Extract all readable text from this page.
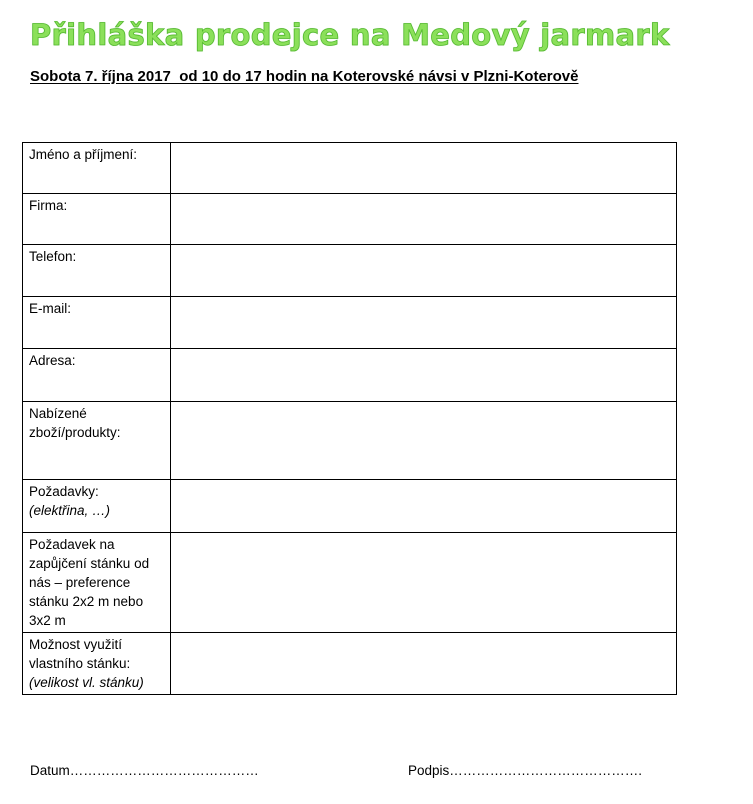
Přihláška prodejce na Medový jarmark
Sobota 7. října 2017  od 10 do 17 hodin na Koterovské návsi v Plzni-Koterově
Jméno a příjmení:	

Firma:	

Telefon:	

E-mail:	

Adresa:	

Nabízené
zboží/produkty:	

Požadavky:
(elektřina, …)	

Požadavek na
zapůjčení stánku od
nás – preference
stánku 2x2 m nebo
3x2 m	

Možnost využití
vlastního stánku:
(velikost vl. stánku)	

Datum……………………………………	Podpis…………………………………….
